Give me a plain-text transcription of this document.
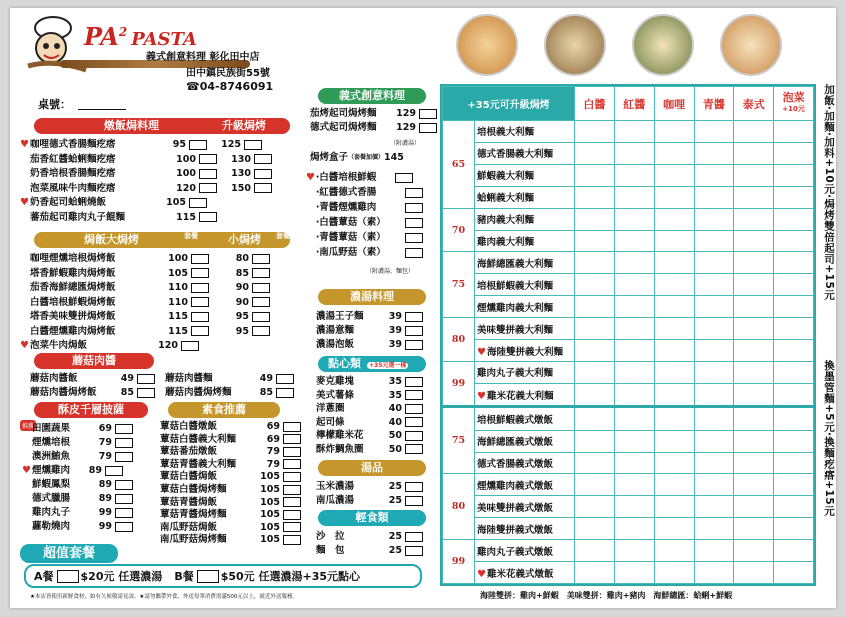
$PA^2$ PASTA
義式創意料理 彰化田中店
田中鎮民族街55號
☎04-8746091
桌號：
燉飯焗料理	升級焗烤
焗飯大焗烤	套餐	小焗烤 套餐
蘑菇肉醬
酥皮千層披薩
推薦
素食推薦
超值套餐
A餐 $20元 任選濃湯 B餐 $50元 任選濃湯+35元點心
★本店皆使用新鮮食材，如有久候敬請見諒。★請勿攜帶外食，外送每筆消費需滿500元以上，就近外送服務。
義式創意料理
（附濃湯）
焗烤盒子 （套餐加價） 145
（附濃湯、麵包）
濃湯料理
點心類 +35元選一樣
湯品
輕食類
+35元可升級焗烤		白醬	紅醬	咖哩	青醬	泰式	泡菜
+10元
65	培根義大利麵						
	德式香腸義大利麵						
	鮮蝦義大利麵						
	蛤蜊義大利麵						
70	豬肉義大利麵						
	雞肉義大利麵						
75	海鮮總匯義大利麵						
	培根鮮蝦義大利麵						
	煙燻雞肉義大利麵						
80	美味雙拼義大利麵						
	♥海陸雙拼義大利麵						
99	雞肉丸子義大利麵						
	♥雞米花義大利麵						
75	培根鮮蝦義式燉飯						
	海鮮總匯義式燉飯						
	德式香腸義式燉飯						
80	煙燻雞肉義式燉飯						
	美味雙拼義式燉飯						
	海陸雙拼義式燉飯						
99	雞肉丸子義式燉飯						
	♥雞米花義式燉飯						
加飯‧加麵‧加料+10元‧焗烤雙倍起司+15元
換墨管麵+5元‧換麵疙瘩+15元
海陸雙拼：雞肉+鮮蝦　美味雙拼：雞肉+豬肉　海鮮總匯：蛤蜊+鮮蝦
♥ 咖哩德式香腸麵疙瘩	95	125
茄香紅醬蛤蜊麵疙瘩	100	130
奶香培根香腸麵疙瘩	100	130
泡菜風味牛肉麵疙瘩	120	150
♥ 奶香起司蛤蜊燒飯	105
蕃茄起司雞肉丸子餛麵	115
咖哩煙燻培根焗烤飯	100	80
塔香鮮蝦雞肉焗烤飯	105	85
茄香海鮮總匯焗烤飯	110	90
白醬培根鮮蝦焗烤飯	110	90
塔香美味雙拼焗烤飯	115	95
白醬煙燻雞肉焗烤飯	115	95
♥ 泡菜牛肉焗飯	120
蘑菇肉醬飯	49	蘑菇肉醬麵	49
蘑菇肉醬焗烤飯	85	蘑菇肉醬焗烤麵	85
田園蔬果	69
煙燻培根	79
澳洲鮪魚	79
♥ 煙燻雞肉	89
鮮蝦鳳梨	89
德式臘腸	89
雞肉丸子	99
蘿勒燒肉	99
蕈菇白醬燉飯	69
蕈菇白醬義大利麵	69
蕈菇番茄燉飯	79
蕈菇青醬義大利麵	79
蕈菇白醬焗飯	105
蕈菇白醬焗烤麵	105
蕈菇青醬焗飯	105
蕈菇青醬焗烤麵	105
南瓜野菇焗飯	105
南瓜野菇焗烤麵	105
茄烤起司焗烤麵	129
德式起司焗烤麵	129
♥ ‧白醬培根鮮蝦
‧紅醬德式香腸
‧青醬煙燻雞肉
‧白醬蕈菇（素）
‧青醬蕈菇（素）
‧南瓜野菇（素）
濃湯王子麵	39
濃湯意麵	39
濃湯泡飯	39
麥克雞塊	35
美式薯條	35
洋蔥圈	40
起司條	40
檸檬雞米花	50
酥炸鯛魚圈	50
玉米濃湯	25
南瓜濃湯	25
沙　拉	25
麵　包	25
